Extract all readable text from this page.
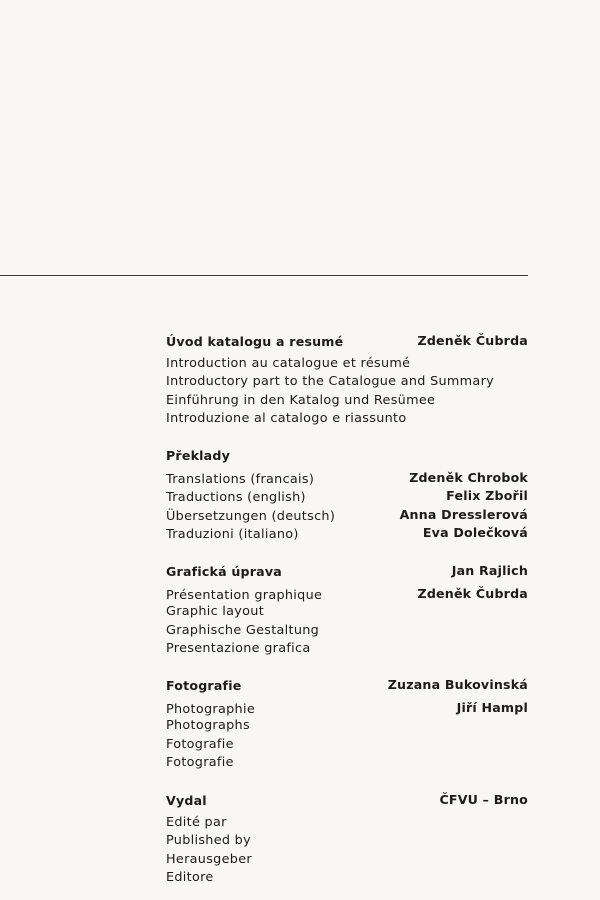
Úvod katalogu a resumé	Zdeněk Čubrda
Introduction au catalogue et résumé
Introductory part to the Catalogue and Summary
Einführung in den Katalog und Resümee
Introduzione al catalogo e riassunto
Překlady
Translations (francais)	Zdeněk Chrobok
Traductions (english)	Felix Zbořil
Übersetzungen (deutsch)	Anna Dresslerová
Traduzioni (italiano)	Eva Dolečková
Grafická úprava	Jan Rajlich
Présentation graphique	Zdeněk Čubrda
Graphic layout
Graphische Gestaltung
Presentazione grafica
Fotografie	Zuzana Bukovinská
Photographie	Jiří Hampl
Photographs
Fotografie
Fotografie
Vydal	ČFVU – Brno
Edité par
Published by
Herausgeber
Editore
